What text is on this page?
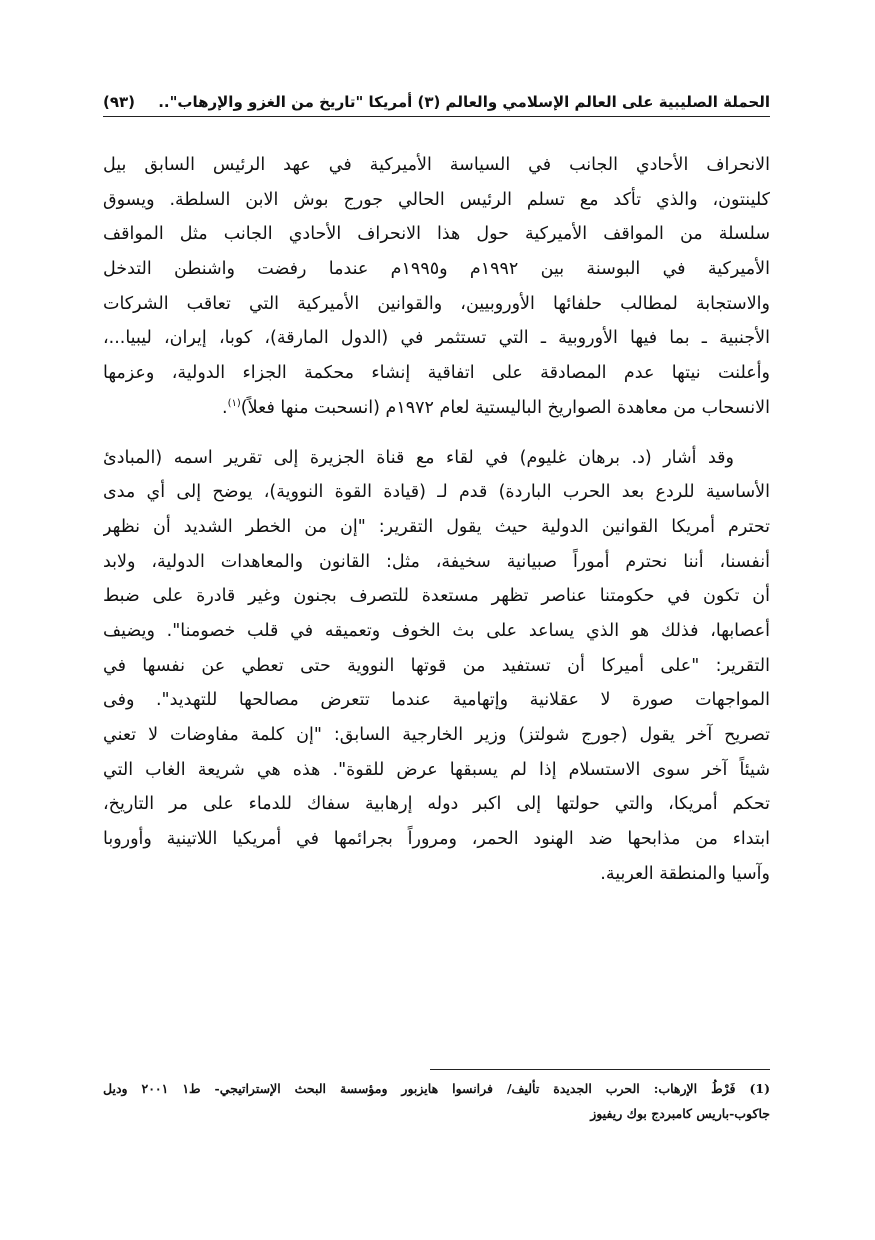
الحملة الصليبية على العالم الإسلامي والعالم (٣) أمريكا "تاريخ من الغزو والإرهاب"..
(٩٣)
الانحراف الأحادي الجانب في السياسة الأميركية في عهد الرئيس السابق بيل
كلينتون، والذي تأكد مع تسلم الرئيس الحالي جورج بوش الابن السلطة. ويسوق
سلسلة من المواقف الأميركية حول هذا الانحراف الأحادي الجانب مثل المواقف
الأميركية في البوسنة بين ١٩٩٢م و١٩٩٥م عندما رفضت واشنطن التدخل
والاستجابة لمطالب حلفائها الأوروبيين، والقوانين الأميركية التي تعاقب الشركات
الأجنبية ـ بما فيها الأوروبية ـ التي تستثمر في (الدول المارقة)، كوبا، إيران، ليبيا...،
وأعلنت نيتها عدم المصادقة على اتفاقية إنشاء محكمة الجزاء الدولية، وعزمها
الانسحاب من معاهدة الصواريخ الباليستية لعام ١٩٧٢م (انسحبت منها فعلاً)$^{(١)}$.
وقد أشار (د. برهان غليوم) في لقاء مع قناة الجزيرة إلى تقرير اسمه (المبادئ
الأساسية للردع بعد الحرب الباردة) قدم لـ (قيادة القوة النووية)، يوضح إلى أي مدى
تحترم أمريكا القوانين الدولية حيث يقول التقرير: "إن من الخطر الشديد أن نظهر
أنفسنا، أننا نحترم أموراً صبيانية سخيفة، مثل: القانون والمعاهدات الدولية، ولابد
أن تكون في حكومتنا عناصر تظهر مستعدة للتصرف بجنون وغير قادرة على ضبط
أعصابها، فذلك هو الذي يساعد على بث الخوف وتعميقه في قلب خصومنا". ويضيف
التقرير: "على أميركا أن تستفيد من قوتها النووية حتى تعطي عن نفسها في
المواجهات صورة لا عقلانية وإتهامية عندما تتعرض مصالحها للتهديد". وفى
تصريح آخر يقول (جورج شولتز) وزير الخارجية السابق: "إن كلمة مفاوضات لا تعني
شيئاً آخر سوى الاستسلام إذا لم يسبقها عرض للقوة". هذه هي شريعة الغاب التي
تحكم أمريكا، والتي حولتها إلى اكبر دوله إرهابية سفاك للدماء على مر التاريخ،
ابتداء من مذابحها ضد الهنود الحمر، ومروراً بجرائمها في أمريكيا اللاتينية وأوروبا
وآسيا والمنطقة العربية.
(1) فَرْطُ الإرهاب: الحرب الجديدة تأليف/ فرانسوا هايزبور ومؤسسة البحث الإستراتيجي- ط١ ٢٠٠١ وديل
جاكوب-باريس كامبردج بوك ريفيوز
